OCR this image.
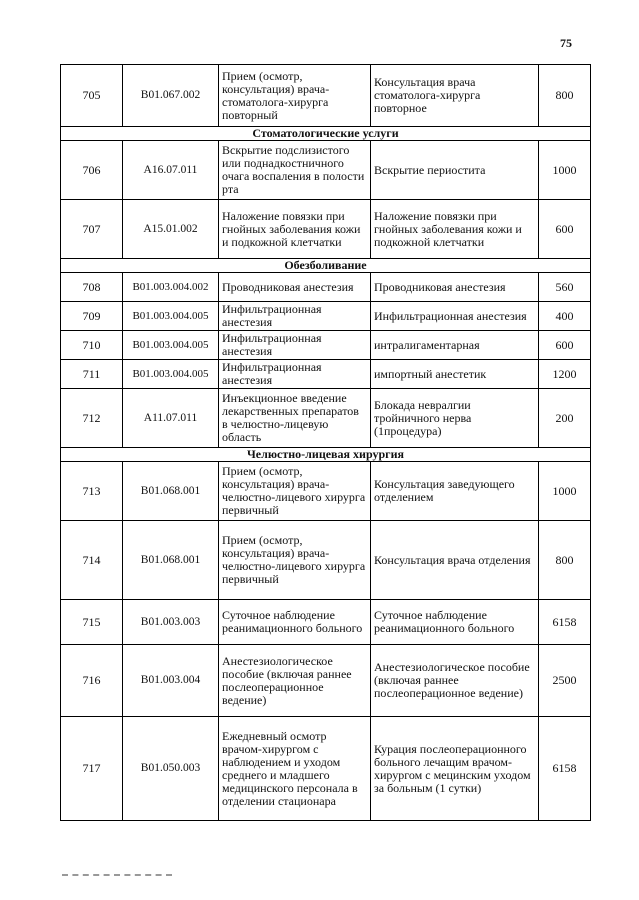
75
705	B01.067.002	Прием (осмотр, консультация) врача-стоматолога-хирурга повторный	Консультация врача стоматолога-хирурга повторное	800
Стоматологические услуги				
706	A16.07.011	Вскрытие подслизистого или поднадкостничного очага воспаления в полости рта	Вскрытие периостита	1000
707	A15.01.002	Наложение повязки при гнойных заболевания кожи и подкожной клетчатки	Наложение повязки при гнойных заболевания кожи и подкожной клетчатки	600
Обезболивание				
708	B01.003.004.002	Проводниковая анестезия	Проводниковая анестезия	560
709	B01.003.004.005	Инфильтрационная анестезия	Инфильтрационная анестезия	400
710	B01.003.004.005	Инфильтрационная анестезия	интралигаментарная	600
711	B01.003.004.005	Инфильтрационная анестезия	импортный анестетик	1200
712	A11.07.011	Инъекционное введение лекарственных препаратов в челюстно-лицевую область	Блокада невралгии тройничного нерва (1процедура)	200
Челюстно-лицевая хирургия				
713	B01.068.001	Прием (осмотр, консультация) врача-челюстно-лицевого хирурга первичный	Консультация заведующего отделением	1000
714	B01.068.001	Прием (осмотр, консультация) врача-челюстно-лицевого хирурга первичный	Консультация врача отделения	800
715	B01.003.003	Суточное наблюдение реанимационного больного	Суточное наблюдение реанимационного больного	6158
716	B01.003.004	Анестезиологическое пособие (включая раннее послеоперационное ведение)	Анестезиологическое пособие (включая раннее послеоперационное ведение)	2500
717	B01.050.003	Ежедневный осмотр врачом-хирургом с наблюдением и уходом среднего и младшего медицинского персонала в отделении стационара	Курация послеоперационного больного лечащим врачом-хирургом с мецинским уходом за больным (1 сутки)	6158
